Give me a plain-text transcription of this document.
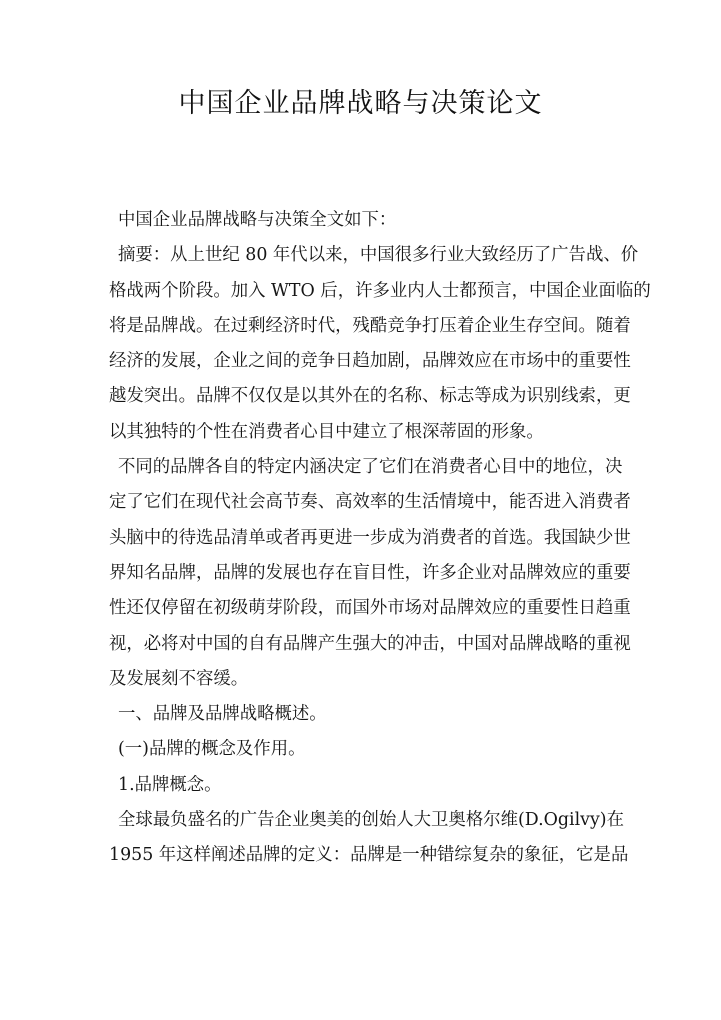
中国企业品牌战略与决策论文
中国企业品牌战略与决策全文如下：
摘要：从上世纪 80 年代以来，中国很多行业大致经历了广告战、价
格战两个阶段。加入 WTO 后，许多业内人士都预言，中国企业面临的
将是品牌战。在过剩经济时代，残酷竞争打压着企业生存空间。随着
经济的发展，企业之间的竞争日趋加剧，品牌效应在市场中的重要性
越发突出。品牌不仅仅是以其外在的名称、标志等成为识别线索，更
以其独特的个性在消费者心目中建立了根深蒂固的形象。
不同的品牌各自的特定内涵决定了它们在消费者心目中的地位，决
定了它们在现代社会高节奏、高效率的生活情境中，能否进入消费者
头脑中的待选品清单或者再更进一步成为消费者的首选。我国缺少世
界知名品牌，品牌的发展也存在盲目性，许多企业对品牌效应的重要
性还仅停留在初级萌芽阶段，而国外市场对品牌效应的重要性日趋重
视，必将对中国的自有品牌产生强大的冲击，中国对品牌战略的重视
及发展刻不容缓。
一、品牌及品牌战略概述。
(一)品牌的概念及作用。
1.品牌概念。
全球最负盛名的广告企业奥美的创始人大卫奥格尔维(D.Ogilvy)在
1955 年这样阐述品牌的定义：品牌是一种错综复杂的象征，它是品
